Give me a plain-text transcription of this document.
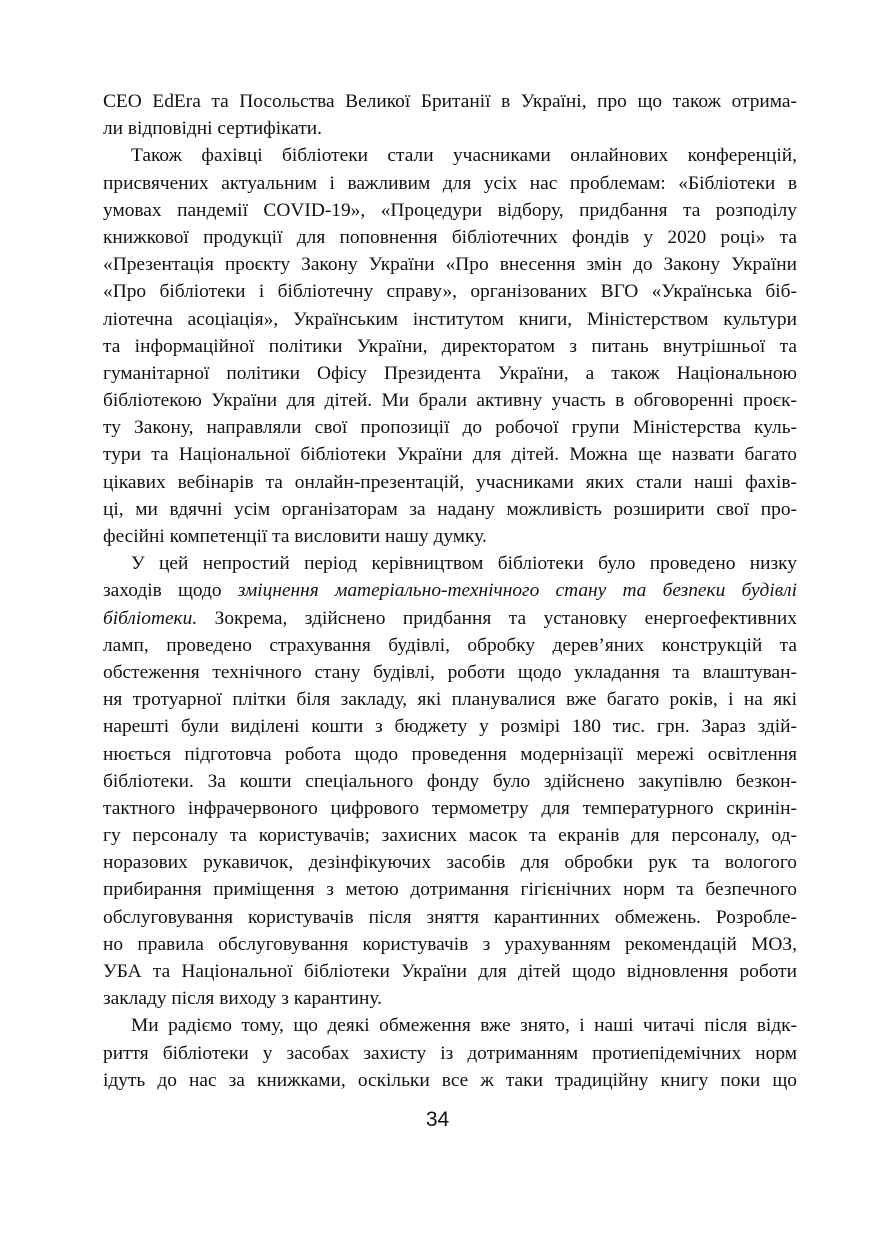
CEO EdEra та Посольства Великої Британії в Україні, про що також отрима-
ли відповідні сертифікати.
Також фахівці бібліотеки стали учасниками онлайнових конференцій,
присвячених актуальним і важливим для усіх нас проблемам: «Бібліотеки в
умовах пандемії COVID-19», «Процедури відбору, придбання та розподілу
книжкової продукції для поповнення бібліотечних фондів у 2020 році» та
«Презентація проєкту Закону України «Про внесення змін до Закону України
«Про бібліотеки і бібліотечну справу», організованих ВГО «Українська біб-
ліотечна асоціація», Українським інститутом книги, Міністерством культури
та інформаційної політики України, директоратом з питань внутрішньої та
гуманітарної політики Офісу Президента України, а також Національною
бібліотекою України для дітей. Ми брали активну участь в обговоренні проєк-
ту Закону, направляли свої пропозиції до робочої групи Міністерства куль-
тури та Національної бібліотеки України для дітей. Можна ще назвати багато
цікавих вебінарів та онлайн-презентацій, учасниками яких стали наші фахів-
ці, ми вдячні усім організаторам за надану можливість розширити свої про-
фесійні компетенції та висловити нашу думку.
У цей непростий період керівництвом бібліотеки було проведено низку
заходів щодо зміцнення матеріально-технічного стану та безпеки будівлі
бібліотеки. Зокрема, здійснено придбання та установку енергоефективних
ламп, проведено страхування будівлі, обробку дерев’яних конструкцій та
обстеження технічного стану будівлі, роботи щодо укладання та влаштуван-
ня тротуарної плітки біля закладу, які планувалися вже багато років, і на які
нарешті були виділені кошти з бюджету у розмірі 180 тис. грн. Зараз здій-
нюється підготовча робота щодо проведення модернізації мережі освітлення
бібліотеки. За кошти спеціального фонду було здійснено закупівлю безкон-
тактного інфрачервоного цифрового термометру для температурного скринін-
гу персоналу та користувачів; захисних масок та екранів для персоналу, од-
норазових рукавичок, дезінфікуючих засобів для обробки рук та вологого
прибирання приміщення з метою дотримання гігієнічних норм та безпечного
обслуговування користувачів після зняття карантинних обмежень. Розробле-
но правила обслуговування користувачів з урахуванням рекомендацій МОЗ,
УБА та Національної бібліотеки України для дітей щодо відновлення роботи
закладу після виходу з карантину.
Ми радіємо тому, що деякі обмеження вже знято, і наші читачі після відк-
риття бібліотеки у засобах захисту із дотриманням протиепідемічних норм
ідуть до нас за книжками, оскільки все ж таки традиційну книгу поки що
34
